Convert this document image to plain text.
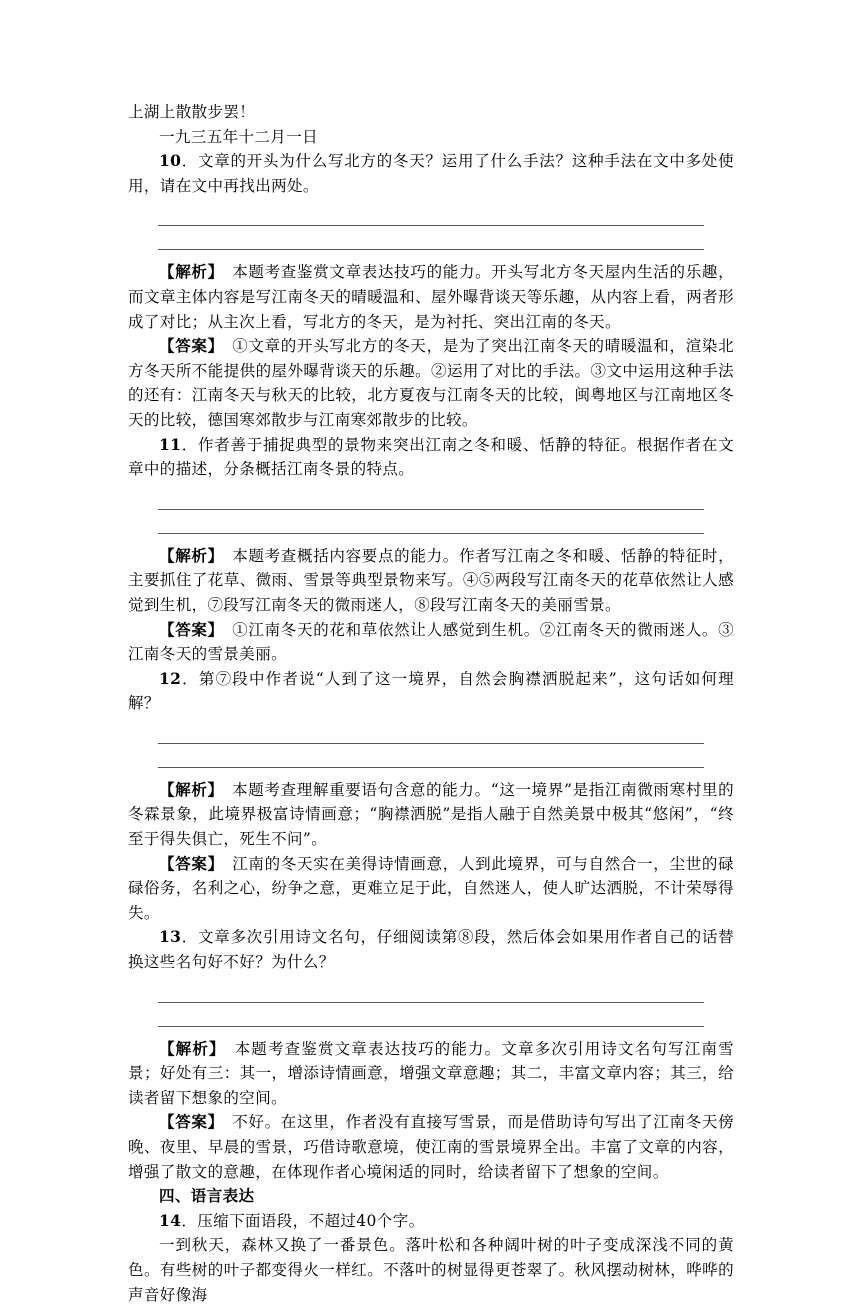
上湖上散散步罢！

一九三五年十二月一日

10．文章的开头为什么写北方的冬天？运用了什么手法？这种手法在文中多处使用，请在文中再找出两处。

【解析】　本题考查鉴赏文章表达技巧的能力。开头写北方冬天屋内生活的乐趣，而文章主体内容是写江南冬天的晴暖温和、屋外曝背谈天等乐趣，从内容上看，两者形成了对比；从主次上看，写北方的冬天，是为衬托、突出江南的冬天。

【答案】　①文章的开头写北方的冬天，是为了突出江南冬天的晴暖温和，渲染北方冬天所不能提供的屋外曝背谈天的乐趣。②运用了对比的手法。③文中运用这种手法的还有：江南冬天与秋天的比较，北方夏夜与江南冬天的比较，闽粤地区与江南地区冬天的比较，德国寒郊散步与江南寒郊散步的比较。

11．作者善于捕捉典型的景物来突出江南之冬和暖、恬静的特征。根据作者在文章中的描述，分条概括江南冬景的特点。

【解析】　本题考查概括内容要点的能力。作者写江南之冬和暖、恬静的特征时，主要抓住了花草、微雨、雪景等典型景物来写。④⑤两段写江南冬天的花草依然让人感觉到生机，⑦段写江南冬天的微雨迷人，⑧段写江南冬天的美丽雪景。

【答案】　①江南冬天的花和草依然让人感觉到生机。②江南冬天的微雨迷人。③江南冬天的雪景美丽。

12．第⑦段中作者说“人到了这一境界，自然会胸襟洒脱起来”，这句话如何理解？

【解析】　本题考查理解重要语句含意的能力。“这一境界”是指江南微雨寒村里的冬霖景象，此境界极富诗情画意；“胸襟洒脱”是指人融于自然美景中极其“悠闲”，“终至于得失俱亡，死生不问”。

【答案】　江南的冬天实在美得诗情画意，人到此境界，可与自然合一，尘世的碌碌俗务，名利之心，纷争之意，更难立足于此，自然迷人，使人旷达洒脱，不计荣辱得失。

13．文章多次引用诗文名句，仔细阅读第⑧段，然后体会如果用作者自己的话替换这些名句好不好？为什么？

【解析】　本题考查鉴赏文章表达技巧的能力。文章多次引用诗文名句写江南雪景；好处有三：其一，增添诗情画意，增强文章意趣；其二，丰富文章内容；其三，给读者留下想象的空间。

【答案】　不好。在这里，作者没有直接写雪景，而是借助诗句写出了江南冬天傍晚、夜里、早晨的雪景，巧借诗歌意境，使江南的雪景境界全出。丰富了文章的内容，增强了散文的意趣，在体现作者心境闲适的同时，给读者留下了想象的空间。

四、语言表达

14．压缩下面语段，不超过40个字。

一到秋天，森林又换了一番景色。落叶松和各种阔叶树的叶子变成深浅不同的黄色。有些树的叶子都变得火一样红。不落叶的树显得更苍翠了。秋风摆动树林，哗哗的声音好像海
